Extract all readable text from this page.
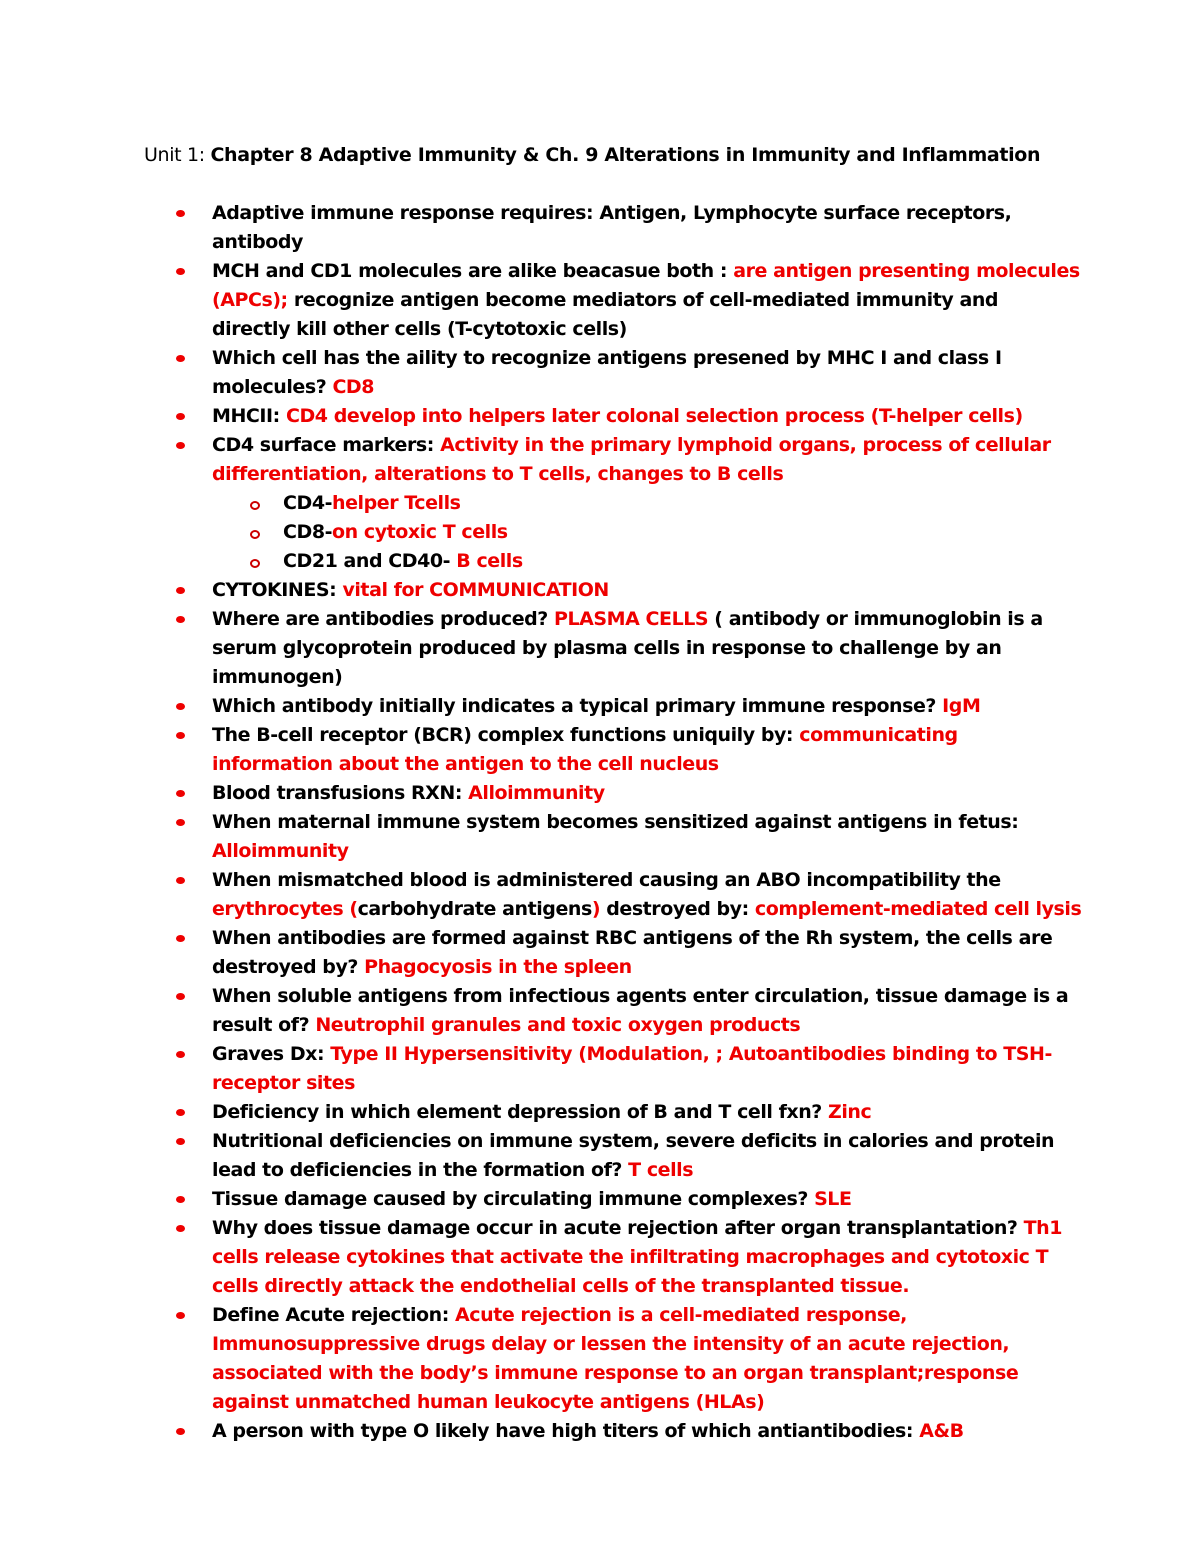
Unit 1: Chapter 8 Adaptive Immunity & Ch. 9 Alterations in Immunity and Inflammation
Adaptive immune response requires: Antigen, Lymphocyte surface receptors, antibody
MCH and CD1 molecules are alike beacasue both : are antigen presenting molecules (APCs); recognize antigen become mediators of cell-mediated immunity and directly kill other cells (T-cytotoxic cells)
Which cell has the aility to recognize antigens presened by MHC I and class I molecules? CD8
MHCII: CD4 develop into helpers later colonal selection process (T-helper cells)
CD4 surface markers: Activity in the primary lymphoid organs, process of cellular differentiation, alterations to T cells, changes to B cells
CD4-helper Tcells
CD8-on cytoxic T cells
CD21 and CD40- B cells
CYTOKINES: vital for COMMUNICATION
Where are antibodies produced? PLASMA CELLS ( antibody or immunoglobin is a serum glycoprotein produced by plasma cells in response to challenge by an immunogen)
Which antibody initially indicates a typical primary immune response? IgM
The B-cell receptor (BCR) complex functions uniquily by: communicating information about the antigen to the cell nucleus
Blood transfusions RXN: Alloimmunity
When maternal immune system becomes sensitized against antigens in fetus: Alloimmunity
When mismatched blood is administered causing an ABO incompatibility the erythrocytes (carbohydrate antigens) destroyed by: complement-mediated cell lysis
When antibodies are formed against RBC antigens of the Rh system, the cells are destroyed by? Phagocyosis in the spleen
When soluble antigens from infectious agents enter circulation, tissue damage is a result of? Neutrophil granules and toxic oxygen products
Graves Dx: Type II Hypersensitivity (Modulation, ; Autoantibodies binding to TSH-receptor sites
Deficiency in which element depression of B and T cell fxn? Zinc
Nutritional deficiencies on immune system, severe deficits in calories and protein lead to deficiencies in the formation of? T cells
Tissue damage caused by circulating immune complexes? SLE
Why does tissue damage occur in acute rejection after organ transplantation? Th1 cells release cytokines that activate the infiltrating macrophages and cytotoxic T cells directly attack the endothelial cells of the transplanted tissue.
Define Acute rejection: Acute rejection is a cell-mediated response, Immunosuppressive drugs delay or lessen the intensity of an acute rejection, associated with the body’s immune response to an organ transplant;response against unmatched human leukocyte antigens (HLAs)
A person with type O likely have high titers of which antiantibodies: A&B
